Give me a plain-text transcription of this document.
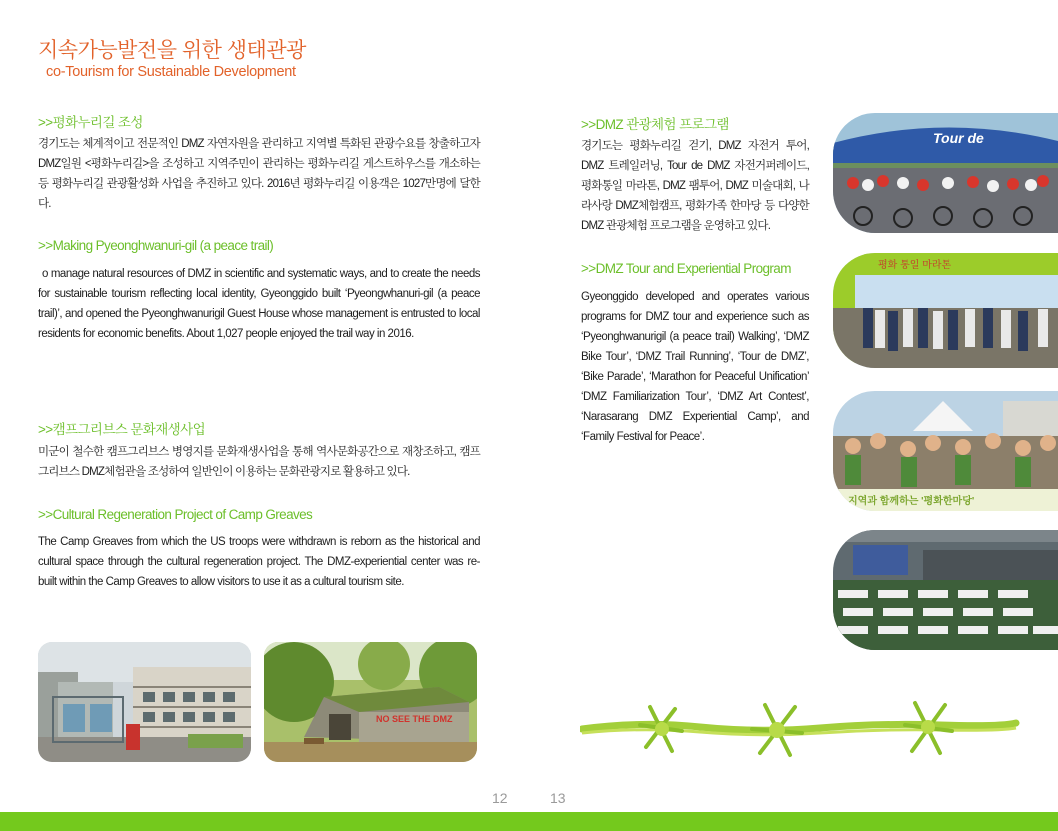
지속가능발전을 위한 생태관광
co-Tourism for Sustainable Development
>>평화누리길 조성
경기도는 체계적이고 전문적인 DMZ 자연자원을 관리하고 지역별 특화된 관광수요를 창출하고자 DMZ일원 <평화누리길>을 조성하고 지역주민이 관리하는 평화누리길 게스트하우스를 개소하는 등 평화누리길 관광활성화 사업을 추진하고 있다. 2016년 평화누리길 이용객은 1027만명에 달한다.
>>Making Pyeonghwanuri-gil (a peace trail)
o manage natural resources of DMZ in scientific and systematic ways, and to create the needs for sustainable tourism reflecting local identity, Gyeonggido built ‘Pyeongwhanuri-gil (a peace trail)’, and opened the Pyeonghwanurigil Guest House whose management is entrusted to local residents for economic benefits. About 1,027 people enjoyed the trail way in 2016.
>>캠프그리브스 문화재생사업
미군이 철수한 캠프그리브스 병영지를 문화재생사업을 통해 역사문화공간으로 재창조하고, 캠프그리브스 DMZ체험관을 조성하여 일반인이 이용하는 문화관광지로 활용하고 있다.
>>Cultural Regeneration Project of Camp Greaves
The Camp Greaves from which the US troops were withdrawn is reborn as the historical and cultural space through the cultural regeneration project. The DMZ-experiential center was re-built within the Camp Greaves to allow visitors to use it as a cultural tourism site.
NO SEE THE DMZ
>>DMZ 관광체험 프로그램
경기도는 평화누리길 걷기, DMZ 자전거 투어, DMZ 트레일러닝, Tour de DMZ 자전거퍼레이드, 평화통일 마라톤, DMZ 팸투어, DMZ 미술대회, 나라사랑 DMZ체험캠프, 평화가족 한마당 등 다양한 DMZ 관광체험 프로그램을 운영하고 있다.
>>DMZ Tour and Experiential Program
Gyeonggido developed and operates various programs for DMZ tour and experience such as ‘Pyeonghwanurigil (a peace trail) Walking’, ‘DMZ Bike Tour’, ‘DMZ Trail Running’, ‘Tour de DMZ’, ‘Bike Parade’, ‘Marathon for Peaceful Unification’ ‘DMZ Familiarization Tour’, ‘DMZ Art Contest’, ‘Narasarang DMZ Experiential Camp’, and ‘Family Festival for Peace’.
Tour de
평화 통일 마라톤
지역과 함께하는 '평화한마당'
12	13
